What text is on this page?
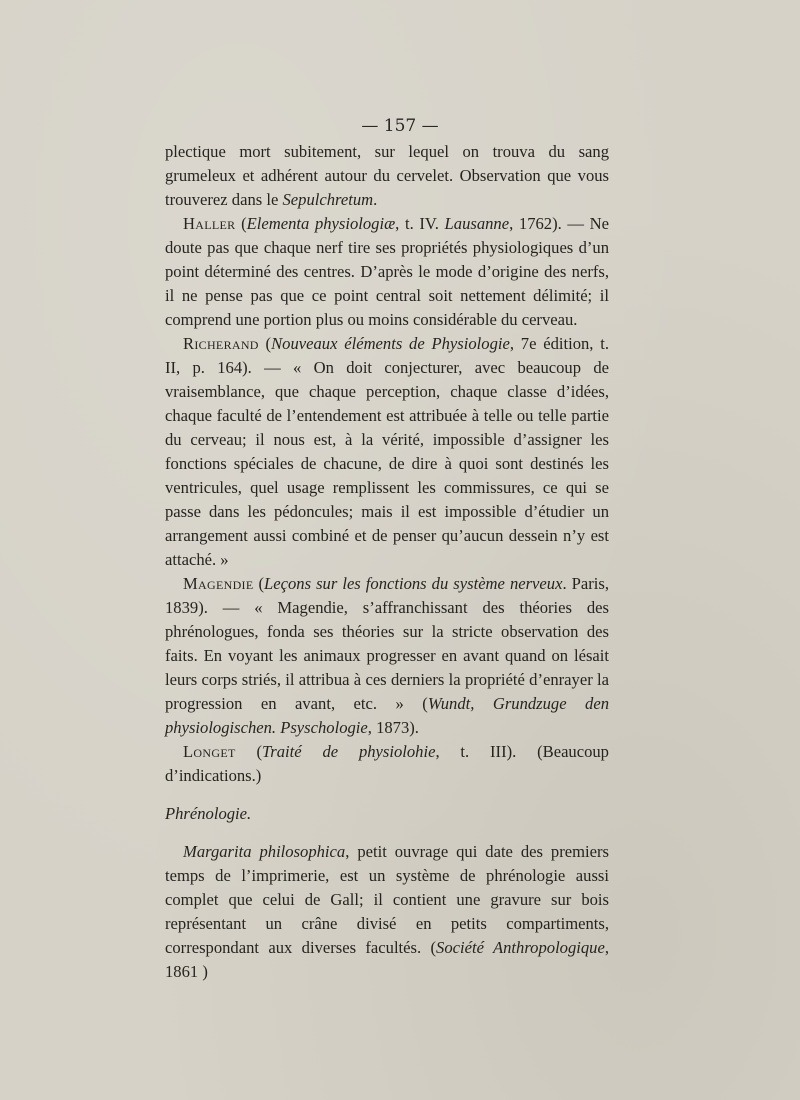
— 157 —

plectique mort subitement, sur lequel on trouva du sang grumeleux et adhérent autour du cervelet. Observation que vous trouverez dans le Sepulchretum.

Haller (Elementa physiologiæ, t. IV. Lausanne, 1762). — Ne doute pas que chaque nerf tire ses propriétés physiologiques d’un point déterminé des centres. D’après le mode d’origine des nerfs, il ne pense pas que ce point central soit nettement délimité; il comprend une portion plus ou moins considérable du cerveau.

Richerand (Nouveaux éléments de Physiologie, 7e édition, t. II, p. 164). — « On doit conjecturer, avec beaucoup de vraisemblance, que chaque perception, chaque classe d’idées, chaque faculté de l’entendement est attribuée à telle ou telle partie du cerveau; il nous est, à la vérité, impossible d’assigner les fonctions spéciales de chacune, de dire à quoi sont destinés les ventricules, quel usage remplissent les commissures, ce qui se passe dans les pédoncules; mais il est impossible d’étudier un arrangement aussi combiné et de penser qu’aucun dessein n’y est attaché. »

Magendie (Leçons sur les fonctions du système nerveux. Paris, 1839). — « Magendie, s’affranchissant des théories des phrénologues, fonda ses théories sur la stricte observation des faits. En voyant les animaux progresser en avant quand on lésait leurs corps striés, il attribua à ces derniers la propriété d’enrayer la progression en avant, etc. » (Wundt, Grundzuge den physiologischen. Psyschologie, 1873).

Longet (Traité de physiolohie, t. III). (Beaucoup d’indications.)

Phrénologie.

Margarita philosophica, petit ouvrage qui date des premiers temps de l’imprimerie, est un système de phrénologie aussi complet que celui de Gall; il contient une gravure sur bois représentant un crâne divisé en petits compartiments, correspondant aux diverses facultés. (Société Anthropologique, 1861 )
